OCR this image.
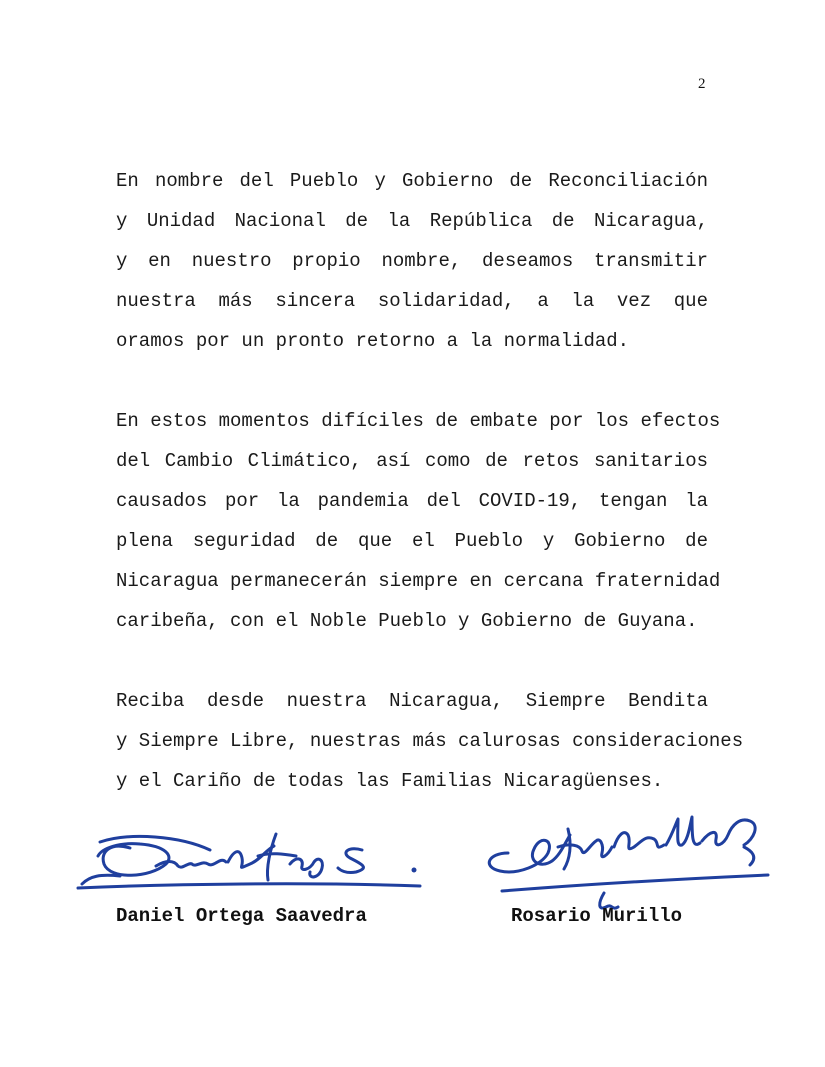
2

En nombre del Pueblo y Gobierno de Reconciliación
y Unidad Nacional de la República de Nicaragua,
y en nuestro propio nombre, deseamos transmitir
nuestra más sincera solidaridad, a la vez que
oramos por un pronto retorno a la normalidad.

En estos momentos difíciles de embate por los efectos
del Cambio Climático, así como de retos sanitarios
causados por la pandemia del COVID-19, tengan la
plena seguridad de que el Pueblo y Gobierno de
Nicaragua permanecerán siempre en cercana fraternidad
caribeña, con el Noble Pueblo y Gobierno de Guyana.

Reciba desde nuestra Nicaragua, Siempre Bendita
y Siempre Libre, nuestras más calurosas consideraciones
y el Cariño de todas las Familias Nicaragüenses.

Daniel Ortega Saavedra	Rosario Murillo
